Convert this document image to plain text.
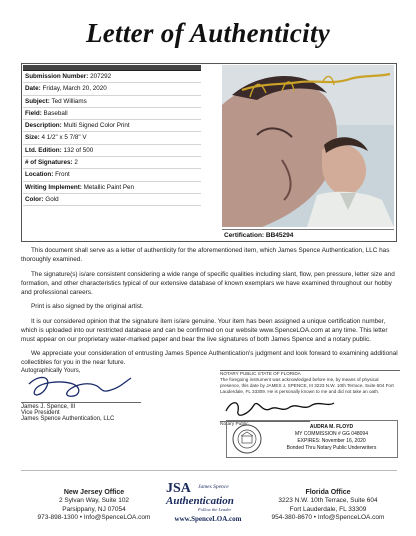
Letter of Authenticity
Submission Number: 207292
Date: Friday, March 20, 2020
Subject: Ted Williams
Field: Baseball
Description: Multi Signed Color Print
Size: 4 1/2" x 5 7/8" V
Ltd. Edition: 132 of 500
# of Signatures: 2
Location: Front
Writing Implement: Metallic Paint Pen
Color: Gold
Certification: BB45294
This document shall serve as a letter of authenticity for the aforementioned item, which James Spence Authentication, LLC has thoroughly examined.
The signature(s) is/are consistent considering a wide range of specific qualities including slant, flow, pen pressure, letter size and formation, and other characteristics typical of our extensive database of known exemplars we have examined throughout our hobby and professional careers.
Print is also signed by the original artist.
It is our considered opinion that the signature item is/are genuine. Your item has been assigned a unique certification number, which is uploaded into our restricted database and can be confirmed on our website www.SpenceLOA.com at any time. This letter must appear on our proprietary water-marked paper and bear the live signatures of both James Spence and a notary public.
We appreciate your consideration of entrusting James Spence Authentication's judgment and look forward to examining additional collectibles for you in the near future.
Autographically Yours,
James J. Spence, III
Vice President
James Spence Authentication, LLC
NOTARY PUBLIC STATE OF FLORIDA
The foregoing instrument was acknowledged before me, by means of physical presence, this date by JAMES J. SPENCE, III 3223 N.W. 10th Terrace, Suite 604 Fort Lauderdale, FL 33309. He is personally known to me and did not take an oath.
Notary Public	AUDRA M. FLOYD
MY COMMISSION # GG 048094
EXPIRES: November 16, 2020
Bonded Thru Notary Public Underwriters
New Jersey Office
2 Sylvan Way, Suite 102
Parsippany, NJ 07054
973-898-1300 • Info@SpenceLOA.com
JSA James Spence
Authentication
Follow the Leader
www.SpenceLOA.com
Florida Office
3223 N.W. 10th Terrace, Suite 604
Fort Lauderdale, FL 33309
954-380-8670 • Info@SpenceLOA.com
